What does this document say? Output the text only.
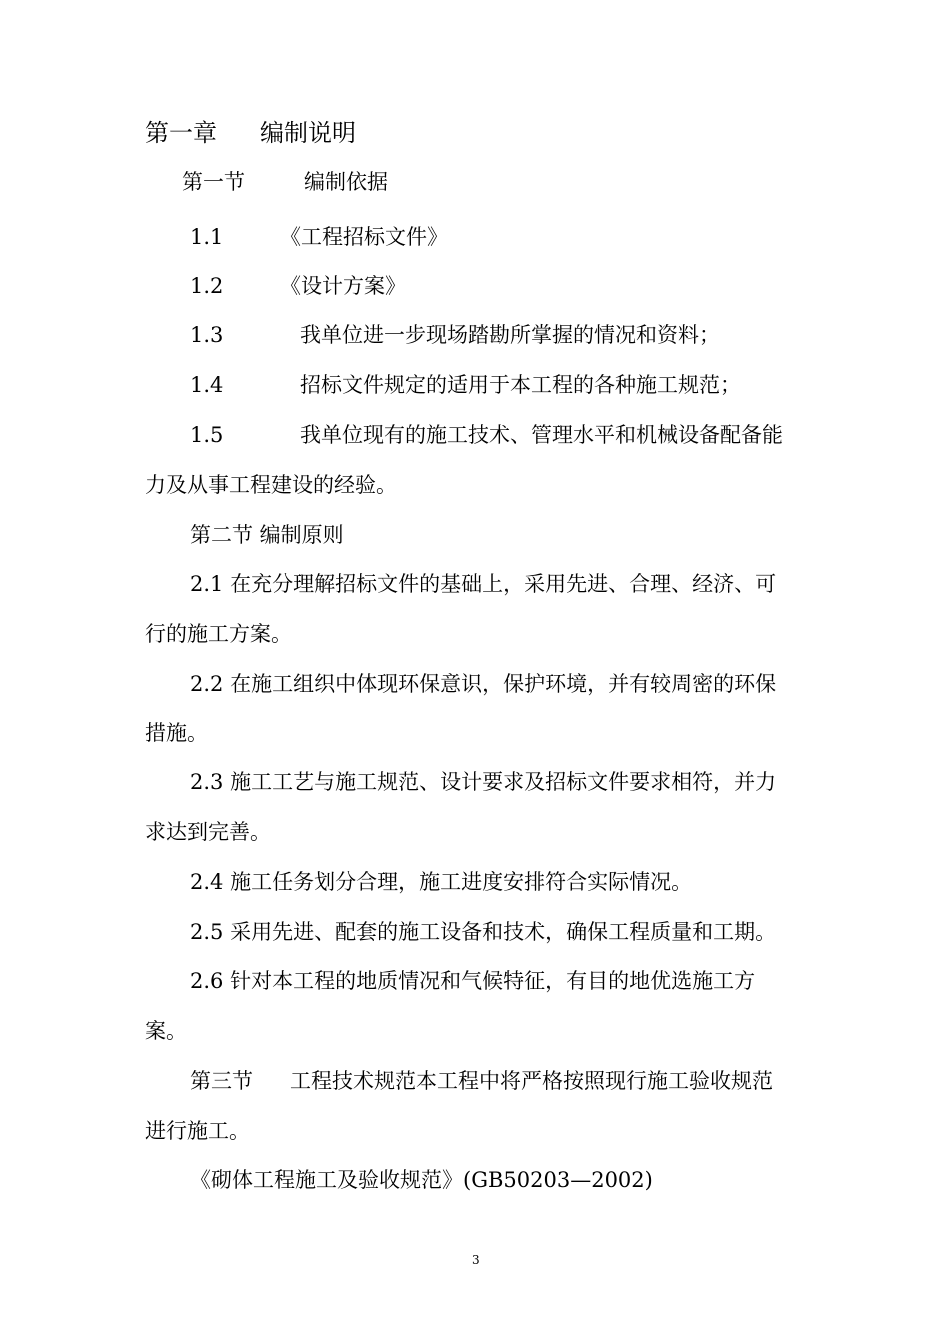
第一章 编制说明
第一节	编制依据
1.1	《工程招标文件》
1.2	《设计方案》
1.3	我单位进一步现场踏勘所掌握的情况和资料；
1.4	招标文件规定的适用于本工程的各种施工规范；
1.5	我单位现有的施工技术、管理水平和机械设备配备能
力及从事工程建设的经验。
第二节 编制原则
2.1 在充分理解招标文件的基础上，采用先进、合理、经济、可
行的施工方案。
2.2 在施工组织中体现环保意识，保护环境，并有较周密的环保
措施。
2.3 施工工艺与施工规范、设计要求及招标文件要求相符，并力
求达到完善。
2.4 施工任务划分合理，施工进度安排符合实际情况。
2.5 采用先进、配套的施工设备和技术，确保工程质量和工期。
2.6 针对本工程的地质情况和气候特征，有目的地优选施工方
案。
第三节 工程技术规范本工程中将严格按照现行施工验收规范
进行施工。
《砌体工程施工及验收规范》(GB50203—2002)
3
